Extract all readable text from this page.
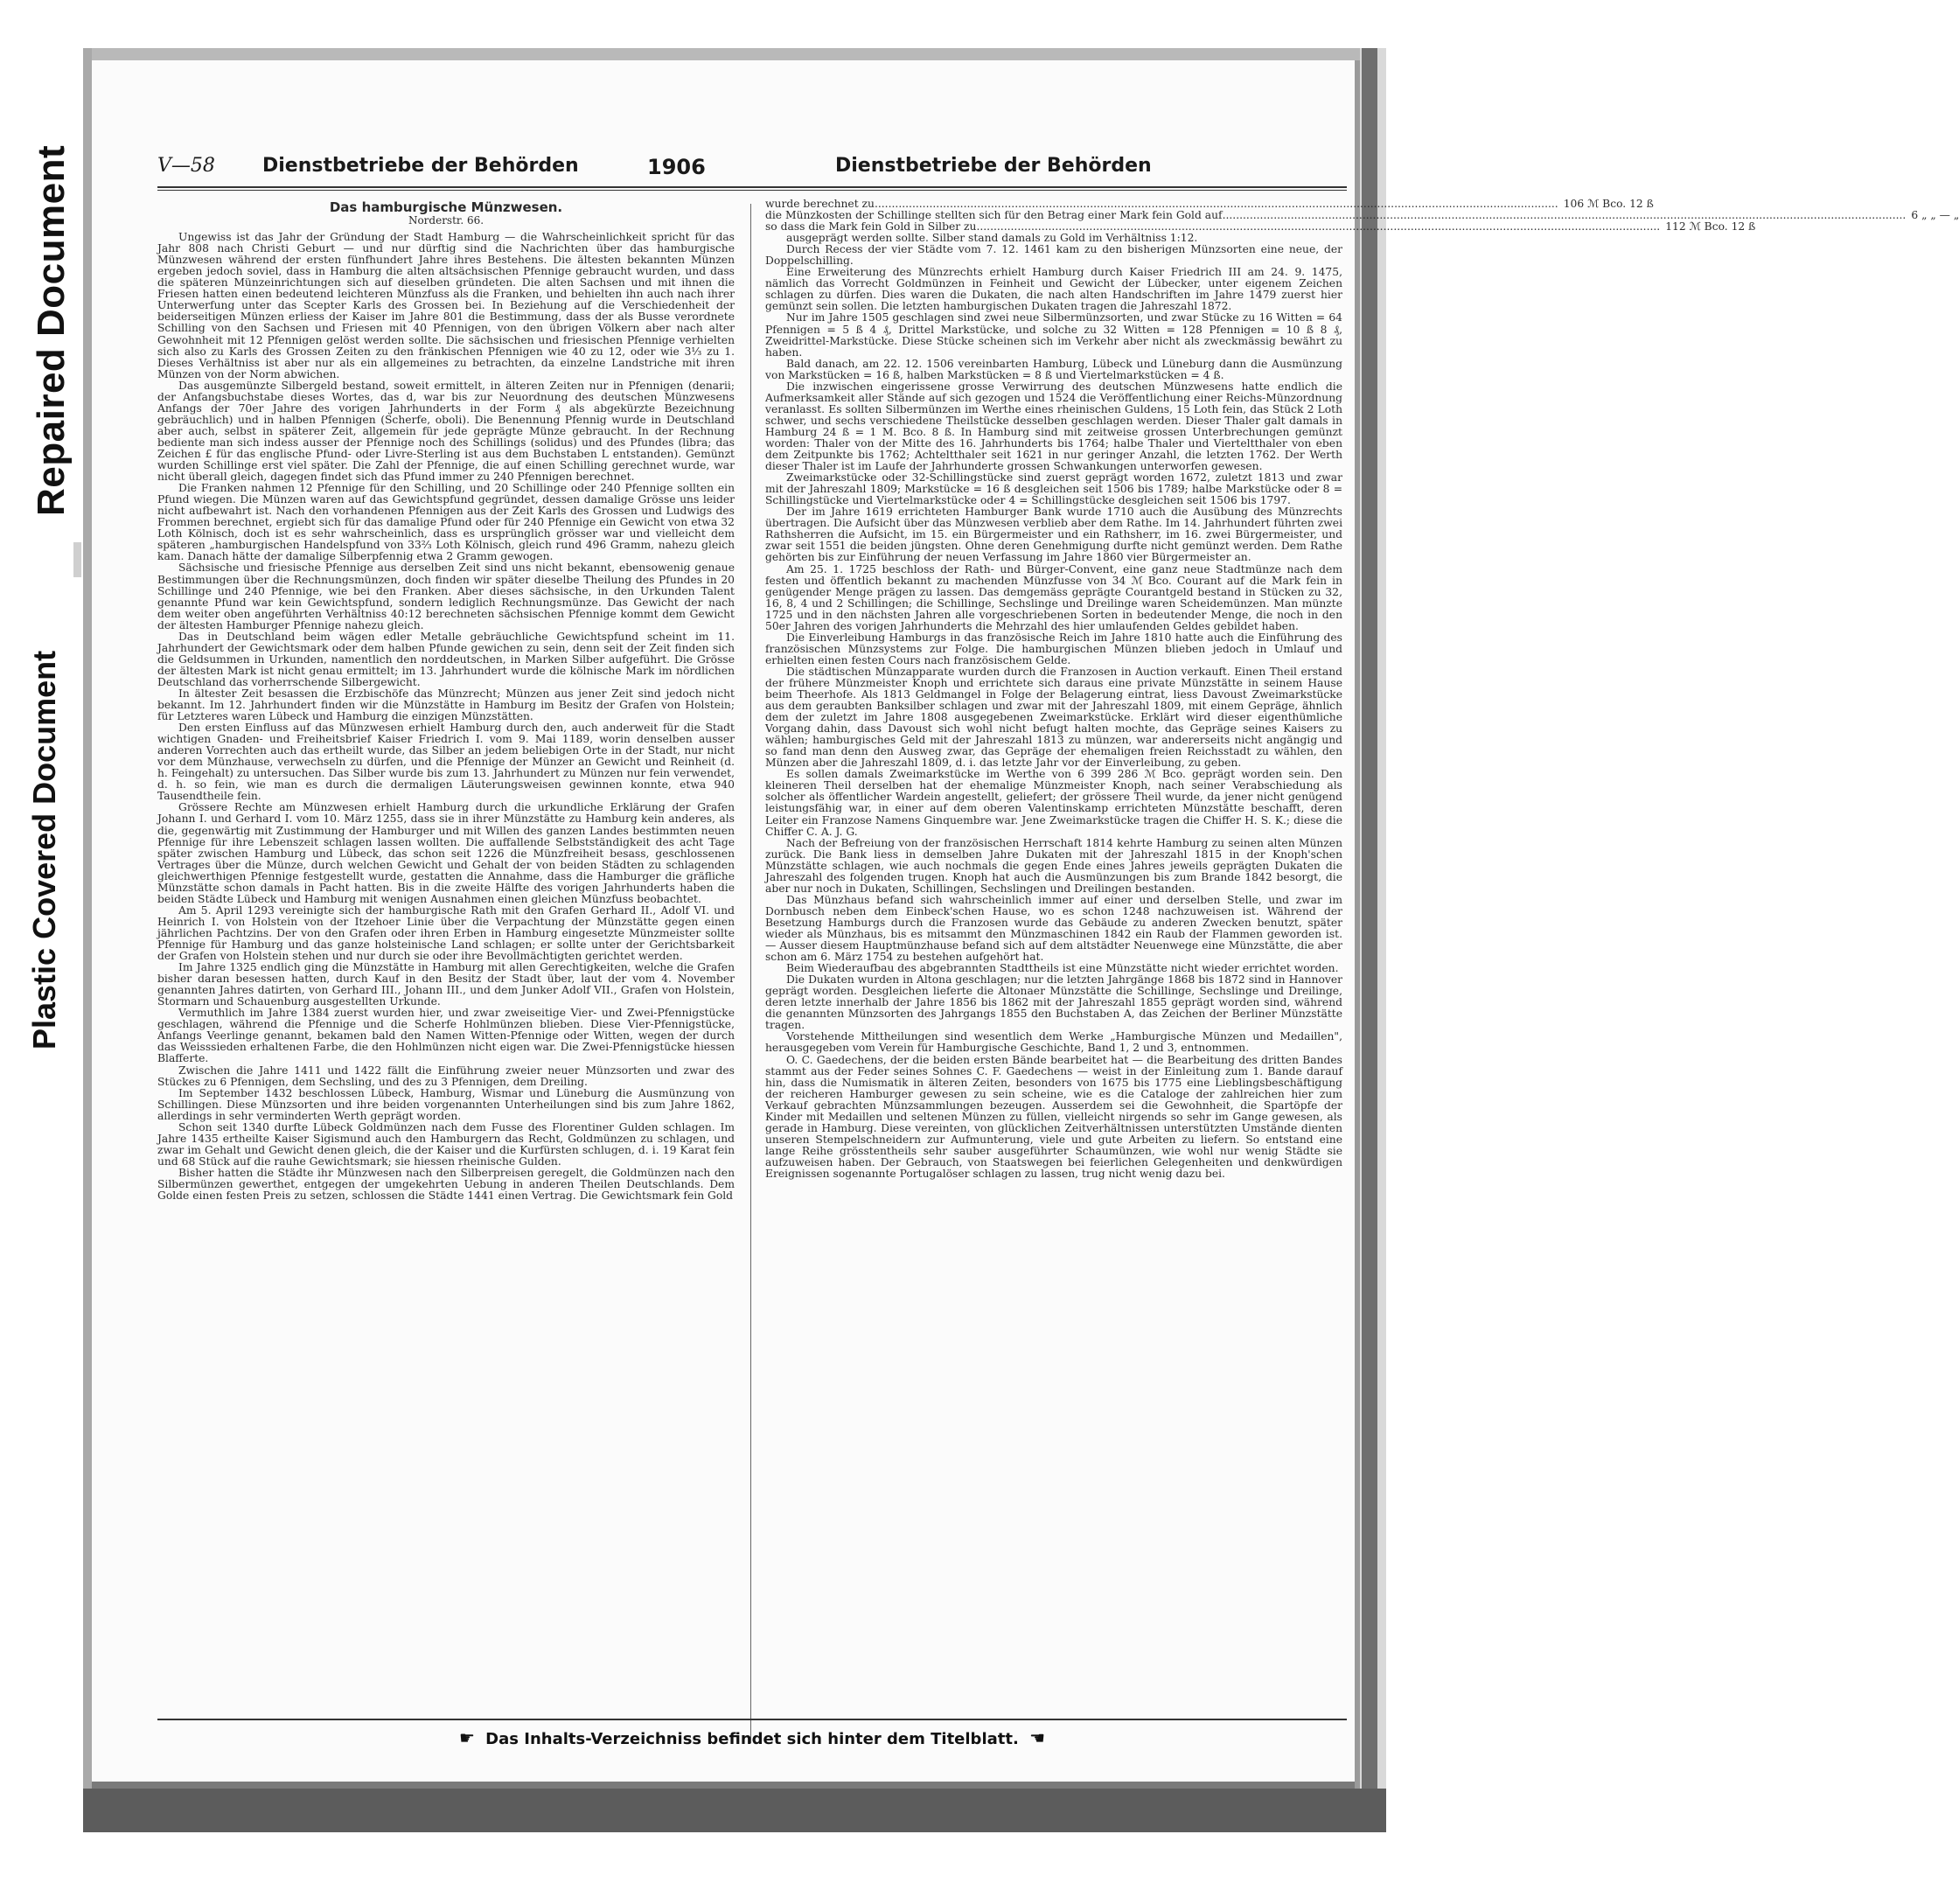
Repaired Document
Plastic Covered Document
V—58 Dienstbetriebe der Behörden	1906	Dienstbetriebe der Behörden
Das hamburgische Münzwesen.
Norderstr. 66.

Ungewiss ist das Jahr der Gründung der Stadt Hamburg — die Wahrscheinlichkeit spricht für das Jahr 808 nach Christi Geburt — und nur dürftig sind die Nachrichten über das hamburgische Münzwesen während der ersten fünfhundert Jahre ihres Bestehens. Die ältesten bekannten Münzen ergeben jedoch soviel, dass in Hamburg die alten altsächsischen Pfennige gebraucht wurden, und dass die späteren Münzeinrichtungen sich auf dieselben gründeten. Die alten Sachsen und mit ihnen die Friesen hatten einen bedeutend leichteren Münzfuss als die Franken, und behielten ihn auch nach ihrer Unterwerfung unter das Scepter Karls des Grossen bei. In Beziehung auf die Verschiedenheit der beiderseitigen Münzen erliess der Kaiser im Jahre 801 die Bestimmung, dass der als Busse verordnete Schilling von den Sachsen und Friesen mit 40 Pfennigen, von den übrigen Völkern aber nach alter Gewohnheit mit 12 Pfennigen gelöst werden sollte. Die sächsischen und friesischen Pfennige verhielten sich also zu Karls des Grossen Zeiten zu den fränkischen Pfennigen wie 40 zu 12, oder wie 3⅓ zu 1. Dieses Verhältniss ist aber nur als ein allgemeines zu betrachten, da einzelne Landstriche mit ihren Münzen von der Norm abwichen.

Das ausgemünzte Silbergeld bestand, soweit ermittelt, in älteren Zeiten nur in Pfennigen (denarii; der Anfangsbuchstabe dieses Wortes, das d, war bis zur Neuordnung des deutschen Münzwesens Anfangs der 70er Jahre des vorigen Jahrhunderts in der Form ₰ als abgekürzte Bezeichnung gebräuchlich) und in halben Pfennigen (Scherfe, oboli). Die Benennung Pfennig wurde in Deutschland aber auch, selbst in späterer Zeit, allgemein für jede geprägte Münze gebraucht. In der Rechnung bediente man sich indess ausser der Pfennige noch des Schillings (solidus) und des Pfundes (libra; das Zeichen £ für das englische Pfund- oder Livre-Sterling ist aus dem Buchstaben L entstanden). Gemünzt wurden Schillinge erst viel später. Die Zahl der Pfennige, die auf einen Schilling gerechnet wurde, war nicht überall gleich, dagegen findet sich das Pfund immer zu 240 Pfennigen berechnet.

Die Franken nahmen 12 Pfennige für den Schilling, und 20 Schillinge oder 240 Pfennige sollten ein Pfund wiegen. Die Münzen waren auf das Gewichtspfund gegründet, dessen damalige Grösse uns leider nicht aufbewahrt ist. Nach den vorhandenen Pfennigen aus der Zeit Karls des Grossen und Ludwigs des Frommen berechnet, ergiebt sich für das damalige Pfund oder für 240 Pfennige ein Gewicht von etwa 32 Loth Kölnisch, doch ist es sehr wahrscheinlich, dass es ursprünglich grösser war und vielleicht dem späteren „hamburgischen Handelspfund von 33⅔ Loth Kölnisch, gleich rund 496 Gramm, nahezu gleich kam. Danach hätte der damalige Silberpfennig etwa 2 Gramm gewogen.

Sächsische und friesische Pfennige aus derselben Zeit sind uns nicht bekannt, ebensowenig genaue Bestimmungen über die Rechnungsmünzen, doch finden wir später dieselbe Theilung des Pfundes in 20 Schillinge und 240 Pfennige, wie bei den Franken. Aber dieses sächsische, in den Urkunden Talent genannte Pfund war kein Gewichtspfund, sondern lediglich Rechnungsmünze. Das Gewicht der nach dem weiter oben angeführten Verhältniss 40:12 berechneten sächsischen Pfennige kommt dem Gewicht der ältesten Hamburger Pfennige nahezu gleich.

Das in Deutschland beim wägen edler Metalle gebräuchliche Gewichtspfund scheint im 11. Jahrhundert der Gewichtsmark oder dem halben Pfunde gewichen zu sein, denn seit der Zeit finden sich die Geldsummen in Urkunden, namentlich den norddeutschen, in Marken Silber aufgeführt. Die Grösse der ältesten Mark ist nicht genau ermittelt; im 13. Jahrhundert wurde die kölnische Mark im nördlichen Deutschland das vorherrschende Silbergewicht.

In ältester Zeit besassen die Erzbischöfe das Münzrecht; Münzen aus jener Zeit sind jedoch nicht bekannt. Im 12. Jahrhundert finden wir die Münzstätte in Hamburg im Besitz der Grafen von Holstein; für Letzteres waren Lübeck und Hamburg die einzigen Münzstätten.

Den ersten Einfluss auf das Münzwesen erhielt Hamburg durch den, auch anderweit für die Stadt wichtigen Gnaden- und Freiheitsbrief Kaiser Friedrich I. vom 9. Mai 1189, worin denselben ausser anderen Vorrechten auch das ertheilt wurde, das Silber an jedem beliebigen Orte in der Stadt, nur nicht vor dem Münzhause, verwechseln zu dürfen, und die Pfennige der Münzer an Gewicht und Reinheit (d. h. Feingehalt) zu untersuchen. Das Silber wurde bis zum 13. Jahrhundert zu Münzen nur fein verwendet, d. h. so fein, wie man es durch die dermaligen Läuterungsweisen gewinnen konnte, etwa 940 Tausendtheile fein.

Grössere Rechte am Münzwesen erhielt Hamburg durch die urkundliche Erklärung der Grafen Johann I. und Gerhard I. vom 10. März 1255, dass sie in ihrer Münzstätte zu Hamburg kein anderes, als die, gegenwärtig mit Zustimmung der Hamburger und mit Willen des ganzen Landes bestimmten neuen Pfennige für ihre Lebenszeit schlagen lassen wollten. Die auffallende Selbstständigkeit des acht Tage später zwischen Hamburg und Lübeck, das schon seit 1226 die Münzfreiheit besass, geschlossenen Vertrages über die Münze, durch welchen Gewicht und Gehalt der von beiden Städten zu schlagenden gleichwerthigen Pfennige festgestellt wurde, gestatten die Annahme, dass die Hamburger die gräfliche Münzstätte schon damals in Pacht hatten. Bis in die zweite Hälfte des vorigen Jahrhunderts haben die beiden Städte Lübeck und Hamburg mit wenigen Ausnahmen einen gleichen Münzfuss beobachtet.

Am 5. April 1293 vereinigte sich der hamburgische Rath mit den Grafen Gerhard II., Adolf VI. und Heinrich I. von Holstein von der Itzehoer Linie über die Verpachtung der Münzstätte gegen einen jährlichen Pachtzins. Der von den Grafen oder ihren Erben in Hamburg eingesetzte Münzmeister sollte Pfennige für Hamburg und das ganze holsteinische Land schlagen; er sollte unter der Gerichtsbarkeit der Grafen von Holstein stehen und nur durch sie oder ihre Bevollmächtigten gerichtet werden.

Im Jahre 1325 endlich ging die Münzstätte in Hamburg mit allen Gerechtigkeiten, welche die Grafen bisher daran besessen hatten, durch Kauf in den Besitz der Stadt über, laut der vom 4. November genannten Jahres datirten, von Gerhard III., Johann III., und dem Junker Adolf VII., Grafen von Holstein, Stormarn und Schauenburg ausgestellten Urkunde.

Vermuthlich im Jahre 1384 zuerst wurden hier, und zwar zweiseitige Vier- und Zwei-Pfennigstücke geschlagen, während die Pfennige und die Scherfe Hohlmünzen blieben. Diese Vier-Pfennigstücke, Anfangs Veerlinge genannt, bekamen bald den Namen Witten-Pfennige oder Witten, wegen der durch das Weisssieden erhaltenen Farbe, die den Hohlmünzen nicht eigen war. Die Zwei-Pfennigstücke hiessen Blafferte.

Zwischen die Jahre 1411 und 1422 fällt die Einführung zweier neuer Münzsorten und zwar des Stückes zu 6 Pfennigen, dem Sechsling, und des zu 3 Pfennigen, dem Dreiling.

Im September 1432 beschlossen Lübeck, Hamburg, Wismar und Lüneburg die Ausmünzung von Schillingen. Diese Münzsorten und ihre beiden vorgenannten Unterheilungen sind bis zum Jahre 1862, allerdings in sehr verminderten Werth geprägt worden.

Schon seit 1340 durfte Lübeck Goldmünzen nach dem Fusse des Florentiner Gulden schlagen. Im Jahre 1435 ertheilte Kaiser Sigismund auch den Hamburgern das Recht, Goldmünzen zu schlagen, und zwar im Gehalt und Gewicht denen gleich, die der Kaiser und die Kurfürsten schlugen, d. i. 19 Karat fein und 68 Stück auf die rauhe Gewichtsmark; sie hiessen rheinische Gulden.

Bisher hatten die Städte ihr Münzwesen nach den Silberpreisen geregelt, die Goldmünzen nach den Silbermünzen gewerthet, entgegen der umgekehrten Uebung in anderen Theilen Deutschlands. Dem Golde einen festen Preis zu setzen, schlossen die Städte 1441 einen Vertrag. Die Gewichtsmark fein Gold

wurde berechnet zu ........................................................................................................................................................................................................ 106 ℳ Bco. 12 ß
die Münzkosten der Schillinge stellten sich für den Betrag einer Mark fein Gold auf ........................................................................................................................................................................................................ 6 „ „ — „
so dass die Mark fein Gold in Silber zu ........................................................................................................................................................................................................ 112 ℳ Bco. 12 ß

ausgeprägt werden sollte. Silber stand damals zu Gold im Verhältniss 1:12.

Durch Recess der vier Städte vom 7. 12. 1461 kam zu den bisherigen Münzsorten eine neue, der Doppelschilling.

Eine Erweiterung des Münzrechts erhielt Hamburg durch Kaiser Friedrich III am 24. 9. 1475, nämlich das Vorrecht Goldmünzen in Feinheit und Gewicht der Lübecker, unter eigenem Zeichen schlagen zu dürfen. Dies waren die Dukaten, die nach alten Handschriften im Jahre 1479 zuerst hier gemünzt sein sollen. Die letzten hamburgischen Dukaten tragen die Jahreszahl 1872.

Nur im Jahre 1505 geschlagen sind zwei neue Silbermünzsorten, und zwar Stücke zu 16 Witten = 64 Pfennigen = 5 ß 4 ₰, Drittel Markstücke, und solche zu 32 Witten = 128 Pfennigen = 10 ß 8 ₰, Zweidrittel-Markstücke. Diese Stücke scheinen sich im Verkehr aber nicht als zweckmässig bewährt zu haben.

Bald danach, am 22. 12. 1506 vereinbarten Hamburg, Lübeck und Lüneburg dann die Ausmünzung von Markstücken = 16 ß, halben Markstücken = 8 ß und Viertelmarkstücken = 4 ß.

Die inzwischen eingerissene grosse Verwirrung des deutschen Münzwesens hatte endlich die Aufmerksamkeit aller Stände auf sich gezogen und 1524 die Veröffentlichung einer Reichs-Münzordnung veranlasst. Es sollten Silbermünzen im Werthe eines rheinischen Guldens, 15 Loth fein, das Stück 2 Loth schwer, und sechs verschiedene Theilstücke desselben geschlagen werden. Dieser Thaler galt damals in Hamburg 24 ß = 1 M. Bco. 8 ß. In Hamburg sind mit zeitweise grossen Unterbrechungen gemünzt worden: Thaler von der Mitte des 16. Jahrhunderts bis 1764; halbe Thaler und Vierteltthaler von eben dem Zeitpunkte bis 1762; Achteltthaler seit 1621 in nur geringer Anzahl, die letzten 1762. Der Werth dieser Thaler ist im Laufe der Jahrhunderte grossen Schwankungen unterworfen gewesen.

Zweimarkstücke oder 32-Schillingstücke sind zuerst geprägt worden 1672, zuletzt 1813 und zwar mit der Jahreszahl 1809; Markstücke = 16 ß desgleichen seit 1506 bis 1789; halbe Markstücke oder 8 = Schillingstücke und Viertelmarkstücke oder 4 = Schillingstücke desgleichen seit 1506 bis 1797.

Der im Jahre 1619 errichteten Hamburger Bank wurde 1710 auch die Ausübung des Münzrechts übertragen. Die Aufsicht über das Münzwesen verblieb aber dem Rathe. Im 14. Jahrhundert führten zwei Rathsherren die Aufsicht, im 15. ein Bürgermeister und ein Rathsherr, im 16. zwei Bürgermeister, und zwar seit 1551 die beiden jüngsten. Ohne deren Genehmigung durfte nicht gemünzt werden. Dem Rathe gehörten bis zur Einführung der neuen Verfassung im Jahre 1860 vier Bürgermeister an.

Am 25. 1. 1725 beschloss der Rath- und Bürger-Convent, eine ganz neue Stadtmünze nach dem festen und öffentlich bekannt zu machenden Münzfusse von 34 ℳ Bco. Courant auf die Mark fein in genügender Menge prägen zu lassen. Das demgemäss geprägte Courantgeld bestand in Stücken zu 32, 16, 8, 4 und 2 Schillingen; die Schillinge, Sechslinge und Dreilinge waren Scheidemünzen. Man münzte 1725 und in den nächsten Jahren alle vorgeschriebenen Sorten in bedeutender Menge, die noch in den 50er Jahren des vorigen Jahrhunderts die Mehrzahl des hier umlaufenden Geldes gebildet haben.

Die Einverleibung Hamburgs in das französische Reich im Jahre 1810 hatte auch die Einführung des französischen Münzsystems zur Folge. Die hamburgischen Münzen blieben jedoch in Umlauf und erhielten einen festen Cours nach französischem Gelde.

Die städtischen Münzapparate wurden durch die Franzosen in Auction verkauft. Einen Theil erstand der frühere Münzmeister Knoph und errichtete sich daraus eine private Münzstätte in seinem Hause beim Theerhofe. Als 1813 Geldmangel in Folge der Belagerung eintrat, liess Davoust Zweimarkstücke aus dem geraubten Banksilber schlagen und zwar mit der Jahreszahl 1809, mit einem Gepräge, ähnlich dem der zuletzt im Jahre 1808 ausgegebenen Zweimarkstücke. Erklärt wird dieser eigenthümliche Vorgang dahin, dass Davoust sich wohl nicht befugt halten mochte, das Gepräge seines Kaisers zu wählen; hamburgisches Geld mit der Jahreszahl 1813 zu münzen, war andererseits nicht angängig und so fand man denn den Ausweg zwar, das Gepräge der ehemaligen freien Reichsstadt zu wählen, den Münzen aber die Jahreszahl 1809, d. i. das letzte Jahr vor der Einverleibung, zu geben.

Es sollen damals Zweimarkstücke im Werthe von 6 399 286 ℳ Bco. geprägt worden sein. Den kleineren Theil derselben hat der ehemalige Münzmeister Knoph, nach seiner Verabschiedung als solcher als öffentlicher Wardein angestellt, geliefert; der grössere Theil wurde, da jener nicht genügend leistungsfähig war, in einer auf dem oberen Valentinskamp errichteten Münzstätte beschafft, deren Leiter ein Franzose Namens Ginquembre war. Jene Zweimarkstücke tragen die Chiffer H. S. K.; diese die Chiffer C. A. J. G.

Nach der Befreiung von der französischen Herrschaft 1814 kehrte Hamburg zu seinen alten Münzen zurück. Die Bank liess in demselben Jahre Dukaten mit der Jahreszahl 1815 in der Knoph'schen Münzstätte schlagen, wie auch nochmals die gegen Ende eines Jahres jeweils geprägten Dukaten die Jahreszahl des folgenden trugen. Knoph hat auch die Ausmünzungen bis zum Brande 1842 besorgt, die aber nur noch in Dukaten, Schillingen, Sechslingen und Dreilingen bestanden.

Das Münzhaus befand sich wahrscheinlich immer auf einer und derselben Stelle, und zwar im Dornbusch neben dem Einbeck'schen Hause, wo es schon 1248 nachzuweisen ist. Während der Besetzung Hamburgs durch die Franzosen wurde das Gebäude zu anderen Zwecken benutzt, später wieder als Münzhaus, bis es mitsammt den Münzmaschinen 1842 ein Raub der Flammen geworden ist. — Ausser diesem Hauptmünzhause befand sich auf dem altstädter Neuenwege eine Münzstätte, die aber schon am 6. März 1754 zu bestehen aufgehört hat.

Beim Wiederaufbau des abgebrannten Stadttheils ist eine Münzstätte nicht wieder errichtet worden.

Die Dukaten wurden in Altona geschlagen; nur die letzten Jahrgänge 1868 bis 1872 sind in Hannover geprägt worden. Desgleichen lieferte die Altonaer Münzstätte die Schillinge, Sechslinge und Dreilinge, deren letzte innerhalb der Jahre 1856 bis 1862 mit der Jahreszahl 1855 geprägt worden sind, während die genannten Münzsorten des Jahrgangs 1855 den Buchstaben A, das Zeichen der Berliner Münzstätte tragen.

Vorstehende Mittheilungen sind wesentlich dem Werke „Hamburgische Münzen und Medaillen", herausgegeben vom Verein für Hamburgische Geschichte, Band 1, 2 und 3, entnommen.

O. C. Gaedechens, der die beiden ersten Bände bearbeitet hat — die Bearbeitung des dritten Bandes stammt aus der Feder seines Sohnes C. F. Gaedechens — weist in der Einleitung zum 1. Bande darauf hin, dass die Numismatik in älteren Zeiten, besonders von 1675 bis 1775 eine Lieblingsbeschäftigung der reicheren Hamburger gewesen zu sein scheine, wie es die Cataloge der zahlreichen hier zum Verkauf gebrachten Münzsammlungen bezeugen. Ausserdem sei die Gewohnheit, die Spartöpfe der Kinder mit Medaillen und seltenen Münzen zu füllen, vielleicht nirgends so sehr im Gange gewesen, als gerade in Hamburg. Diese vereinten, von glücklichen Zeitverhältnissen unterstützten Umstände dienten unseren Stempelschneidern zur Aufmunterung, viele und gute Arbeiten zu liefern. So entstand eine lange Reihe grösstentheils sehr sauber ausgeführter Schaumünzen, wie wohl nur wenig Städte sie aufzuweisen haben. Der Gebrauch, von Staatswegen bei feierlichen Gelegenheiten und denkwürdigen Ereignissen sogenannte Portugalöser schlagen zu lassen, trug nicht wenig dazu bei.

☛ Das Inhalts-Verzeichniss befindet sich hinter dem Titelblatt. ☚
